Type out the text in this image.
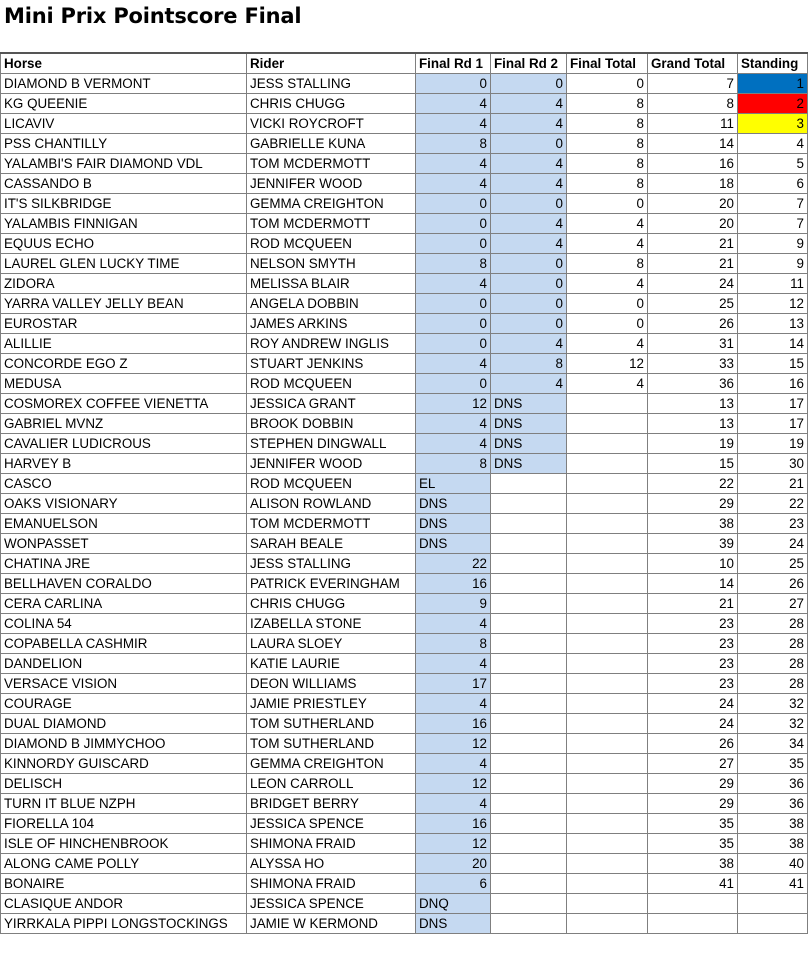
Mini Prix Pointscore Final
Horse	Rider	Final Rd 1	Final Rd 2	Final Total	Grand Total	Standing
DIAMOND B VERMONT	JESS STALLING	0	0	0	7	1
KG QUEENIE	CHRIS CHUGG	4	4	8	8	2
LICAVIV	VICKI ROYCROFT	4	4	8	11	3
PSS CHANTILLY	GABRIELLE KUNA	8	0	8	14	4
YALAMBI'S FAIR DIAMOND VDL	TOM MCDERMOTT	4	4	8	16	5
CASSANDO B	JENNIFER WOOD	4	4	8	18	6
IT'S SILKBRIDGE	GEMMA CREIGHTON	0	0	0	20	7
YALAMBIS FINNIGAN	TOM MCDERMOTT	0	4	4	20	7
EQUUS ECHO	ROD MCQUEEN	0	4	4	21	9
LAUREL GLEN LUCKY TIME	NELSON SMYTH	8	0	8	21	9
ZIDORA	MELISSA BLAIR	4	0	4	24	11
YARRA VALLEY JELLY BEAN	ANGELA DOBBIN	0	0	0	25	12
EUROSTAR	JAMES ARKINS	0	0	0	26	13
ALILLIE	ROY ANDREW INGLIS	0	4	4	31	14
CONCORDE EGO Z	STUART JENKINS	4	8	12	33	15
MEDUSA	ROD MCQUEEN	0	4	4	36	16
COSMOREX COFFEE VIENETTA	JESSICA GRANT	12	DNS		13	17
GABRIEL MVNZ	BROOK DOBBIN	4	DNS		13	17
CAVALIER LUDICROUS	STEPHEN DINGWALL	4	DNS		19	19
HARVEY B	JENNIFER WOOD	8	DNS		15	30
CASCO	ROD MCQUEEN	EL			22	21
OAKS VISIONARY	ALISON ROWLAND	DNS			29	22
EMANUELSON	TOM MCDERMOTT	DNS			38	23
WONPASSET	SARAH BEALE	DNS			39	24
CHATINA JRE	JESS STALLING	22			10	25
BELLHAVEN CORALDO	PATRICK EVERINGHAM	16			14	26
CERA CARLINA	CHRIS CHUGG	9			21	27
COLINA 54	IZABELLA STONE	4			23	28
COPABELLA CASHMIR	LAURA SLOEY	8			23	28
DANDELION	KATIE LAURIE	4			23	28
VERSACE VISION	DEON WILLIAMS	17			23	28
COURAGE	JAMIE PRIESTLEY	4			24	32
DUAL DIAMOND	TOM SUTHERLAND	16			24	32
DIAMOND B JIMMYCHOO	TOM SUTHERLAND	12			26	34
KINNORDY GUISCARD	GEMMA CREIGHTON	4			27	35
DELISCH	LEON CARROLL	12			29	36
TURN IT BLUE NZPH	BRIDGET BERRY	4			29	36
FIORELLA 104	JESSICA SPENCE	16			35	38
ISLE OF HINCHENBROOK	SHIMONA FRAID	12			35	38
ALONG CAME POLLY	ALYSSA HO	20			38	40
BONAIRE	SHIMONA FRAID	6			41	41
CLASIQUE ANDOR	JESSICA SPENCE	DNQ				
YIRRKALA PIPPI LONGSTOCKINGS	JAMIE W KERMOND	DNS				
